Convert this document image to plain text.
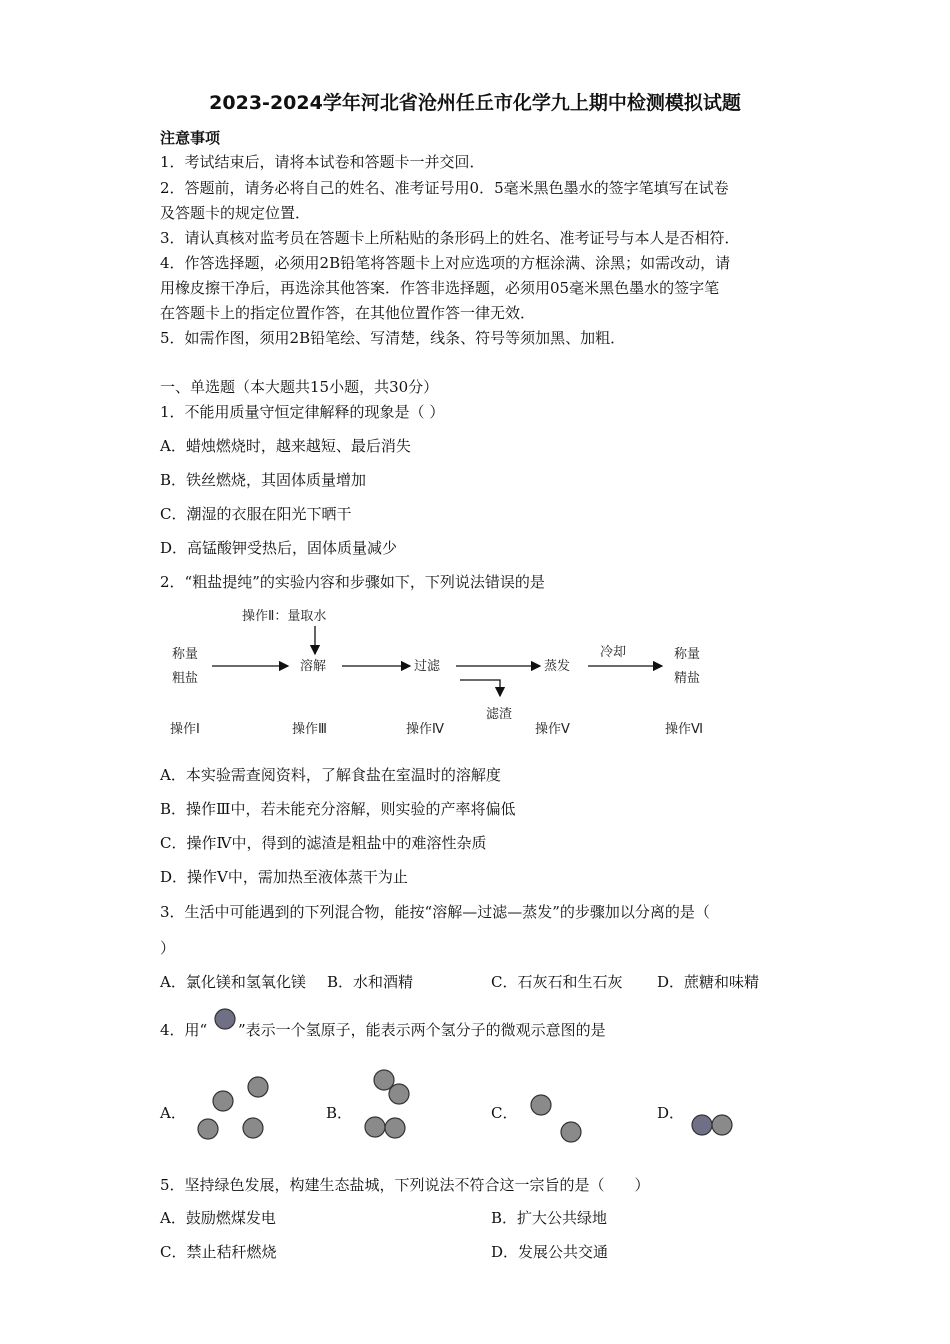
2023-2024学年河北省沧州任丘市化学九上期中检测模拟试题
注意事项
1．考试结束后，请将本试卷和答题卡一并交回．
2．答题前，请务必将自己的姓名、准考证号用0．5毫米黑色墨水的签字笔填写在试卷
及答题卡的规定位置．
3．请认真核对监考员在答题卡上所粘贴的条形码上的姓名、准考证号与本人是否相符．
4．作答选择题，必须用2B铅笔将答题卡上对应选项的方框涂满、涂黑；如需改动，请
用橡皮擦干净后，再选涂其他答案．作答非选择题，必须用05毫米黑色墨水的签字笔
在答题卡上的指定位置作答，在其他位置作答一律无效．
5．如需作图，须用2B铅笔绘、写清楚，线条、符号等须加黑、加粗．
一、单选题（本大题共15小题，共30分）
1．不能用质量守恒定律解释的现象是（ ）
A．蜡烛燃烧时，越来越短、最后消失
B．铁丝燃烧，其固体质量增加
C．潮湿的衣服在阳光下晒干
D．高锰酸钾受热后，固体质量减少
2．“粗盐提纯”的实验内容和步骤如下，下列说法错误的是
操作Ⅱ：量取水
称量
粗盐
溶解	过滤
滤渣
蒸发
冷却	称量
精盐
操作Ⅰ	操作Ⅲ	操作Ⅳ	操作Ⅴ	操作Ⅵ
A．本实验需查阅资料，了解食盐在室温时的溶解度
B．操作Ⅲ中，若未能充分溶解，则实验的产率将偏低
C．操作Ⅳ中，得到的滤渣是粗盐中的难溶性杂质
D．操作Ⅴ中，需加热至液体蒸干为止
3．生活中可能遇到的下列混合物，能按“溶解—过滤—蒸发”的步骤加以分离的是（
）
A．氯化镁和氢氧化镁 B．水和酒精	C．石灰石和生石灰 D．蔗糖和味精
4．用“ ”表示一个氢原子，能表示两个氢分子的微观示意图的是
A．	B．	C．	D．
5．坚持绿色发展，构建生态盐城，下列说法不符合这一宗旨的是（　　）
A．鼓励燃煤发电	B．扩大公共绿地
C．禁止秸秆燃烧	D．发展公共交通
